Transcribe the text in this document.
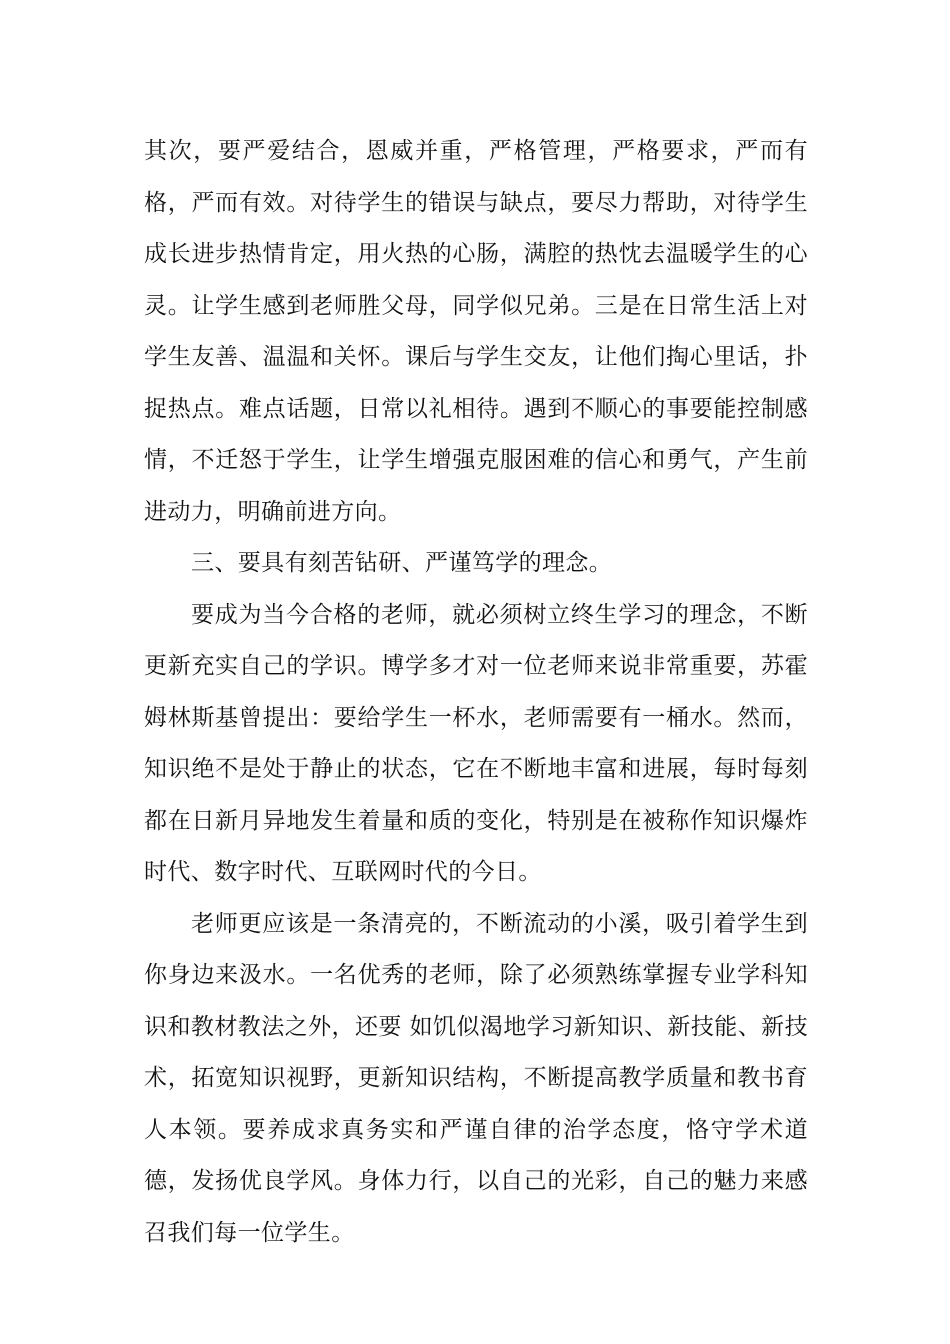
其次，要严爱结合，恩威并重，严格管理，严格要求，严而有格，严而有效。对待学生的错误与缺点，要尽力帮助，对待学生成长进步热情肯定，用火热的心肠，满腔的热忱去温暖学生的心灵。让学生感到老师胜父母，同学似兄弟。三是在日常生活上对学生友善、温温和关怀。课后与学生交友，让他们掏心里话，扑捉热点。难点话题，日常以礼相待。遇到不顺心的事要能控制感情，不迁怒于学生，让学生增强克服困难的信心和勇气，产生前进动力，明确前进方向。

三、要具有刻苦钻研、严谨笃学的理念。

要成为当今合格的老师，就必须树立终生学习的理念，不断更新充实自己的学识。博学多才对一位老师来说非常重要，苏霍姆林斯基曾提出：要给学生一杯水，老师需要有一桶水。然而，知识绝不是处于静止的状态，它在不断地丰富和进展，每时每刻都在日新月异地发生着量和质的变化，特别是在被称作知识爆炸时代、数字时代、互联网时代的今日。

老师更应该是一条清亮的，不断流动的小溪，吸引着学生到你身边来汲水。一名优秀的老师，除了必须熟练掌握专业学科知识和教材教法之外，还要 如饥似渴地学习新知识、新技能、新技术，拓宽知识视野，更新知识结构，不断提高教学质量和教书育人本领。要养成求真务实和严谨自律的治学态度，恪守学术道德，发扬优良学风。身体力行，以自己的光彩，自己的魅力来感召我们每一位学生。
